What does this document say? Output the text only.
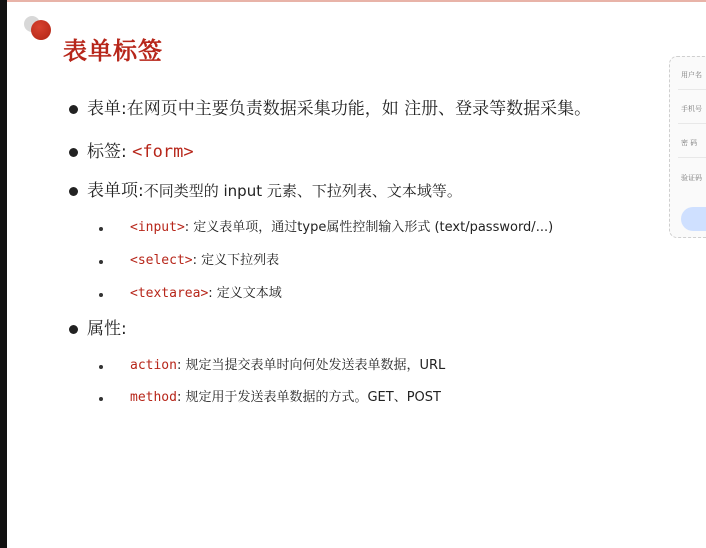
表单标签
表单:在网页中主要负责数据采集功能，如 注册、登录等数据采集。
标签: <form>
表单项:不同类型的 input 元素、下拉列表、文本域等。
<input>: 定义表单项，通过type属性控制输入形式 (text/password/...)
<select>: 定义下拉列表
<textarea>: 定义文本域
属性:
action: 规定当提交表单时向何处发送表单数据，URL
method: 规定用于发送表单数据的方式。GET、POST
用户名
手机号
密 码
验证码
